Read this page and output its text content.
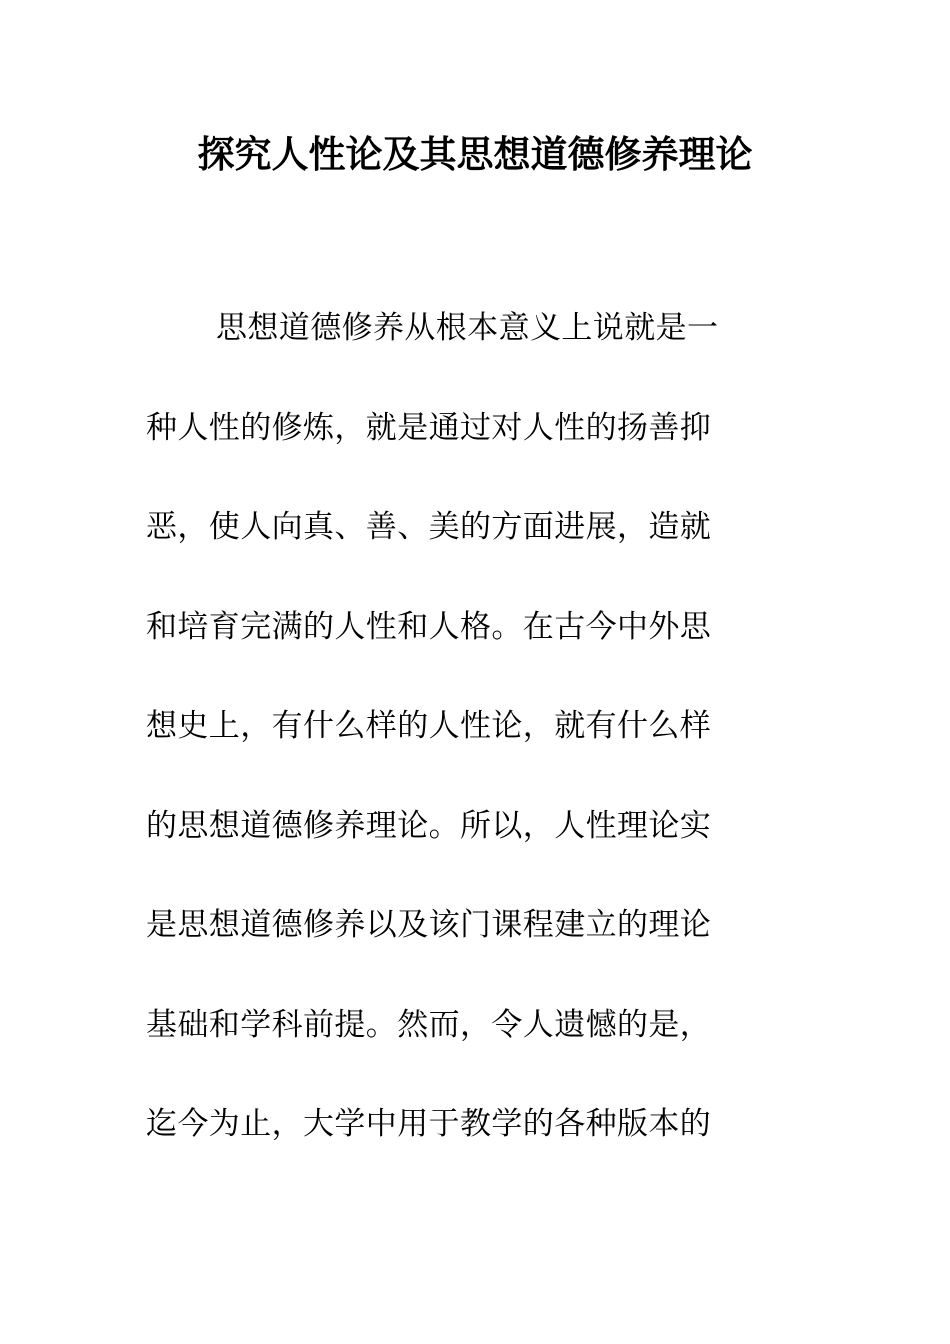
探究人性论及其思想道德修养理论
思想道德修养从根本意义上说就是一
种人性的修炼，就是通过对人性的扬善抑
恶，使人向真、善、美的方面进展，造就
和培育完满的人性和人格。在古今中外思
想史上，有什么样的人性论，就有什么样
的思想道德修养理论。所以，人性理论实
是思想道德修养以及该门课程建立的理论
基础和学科前提。然而，令人遗憾的是，
迄今为止，大学中用于教学的各种版本的
